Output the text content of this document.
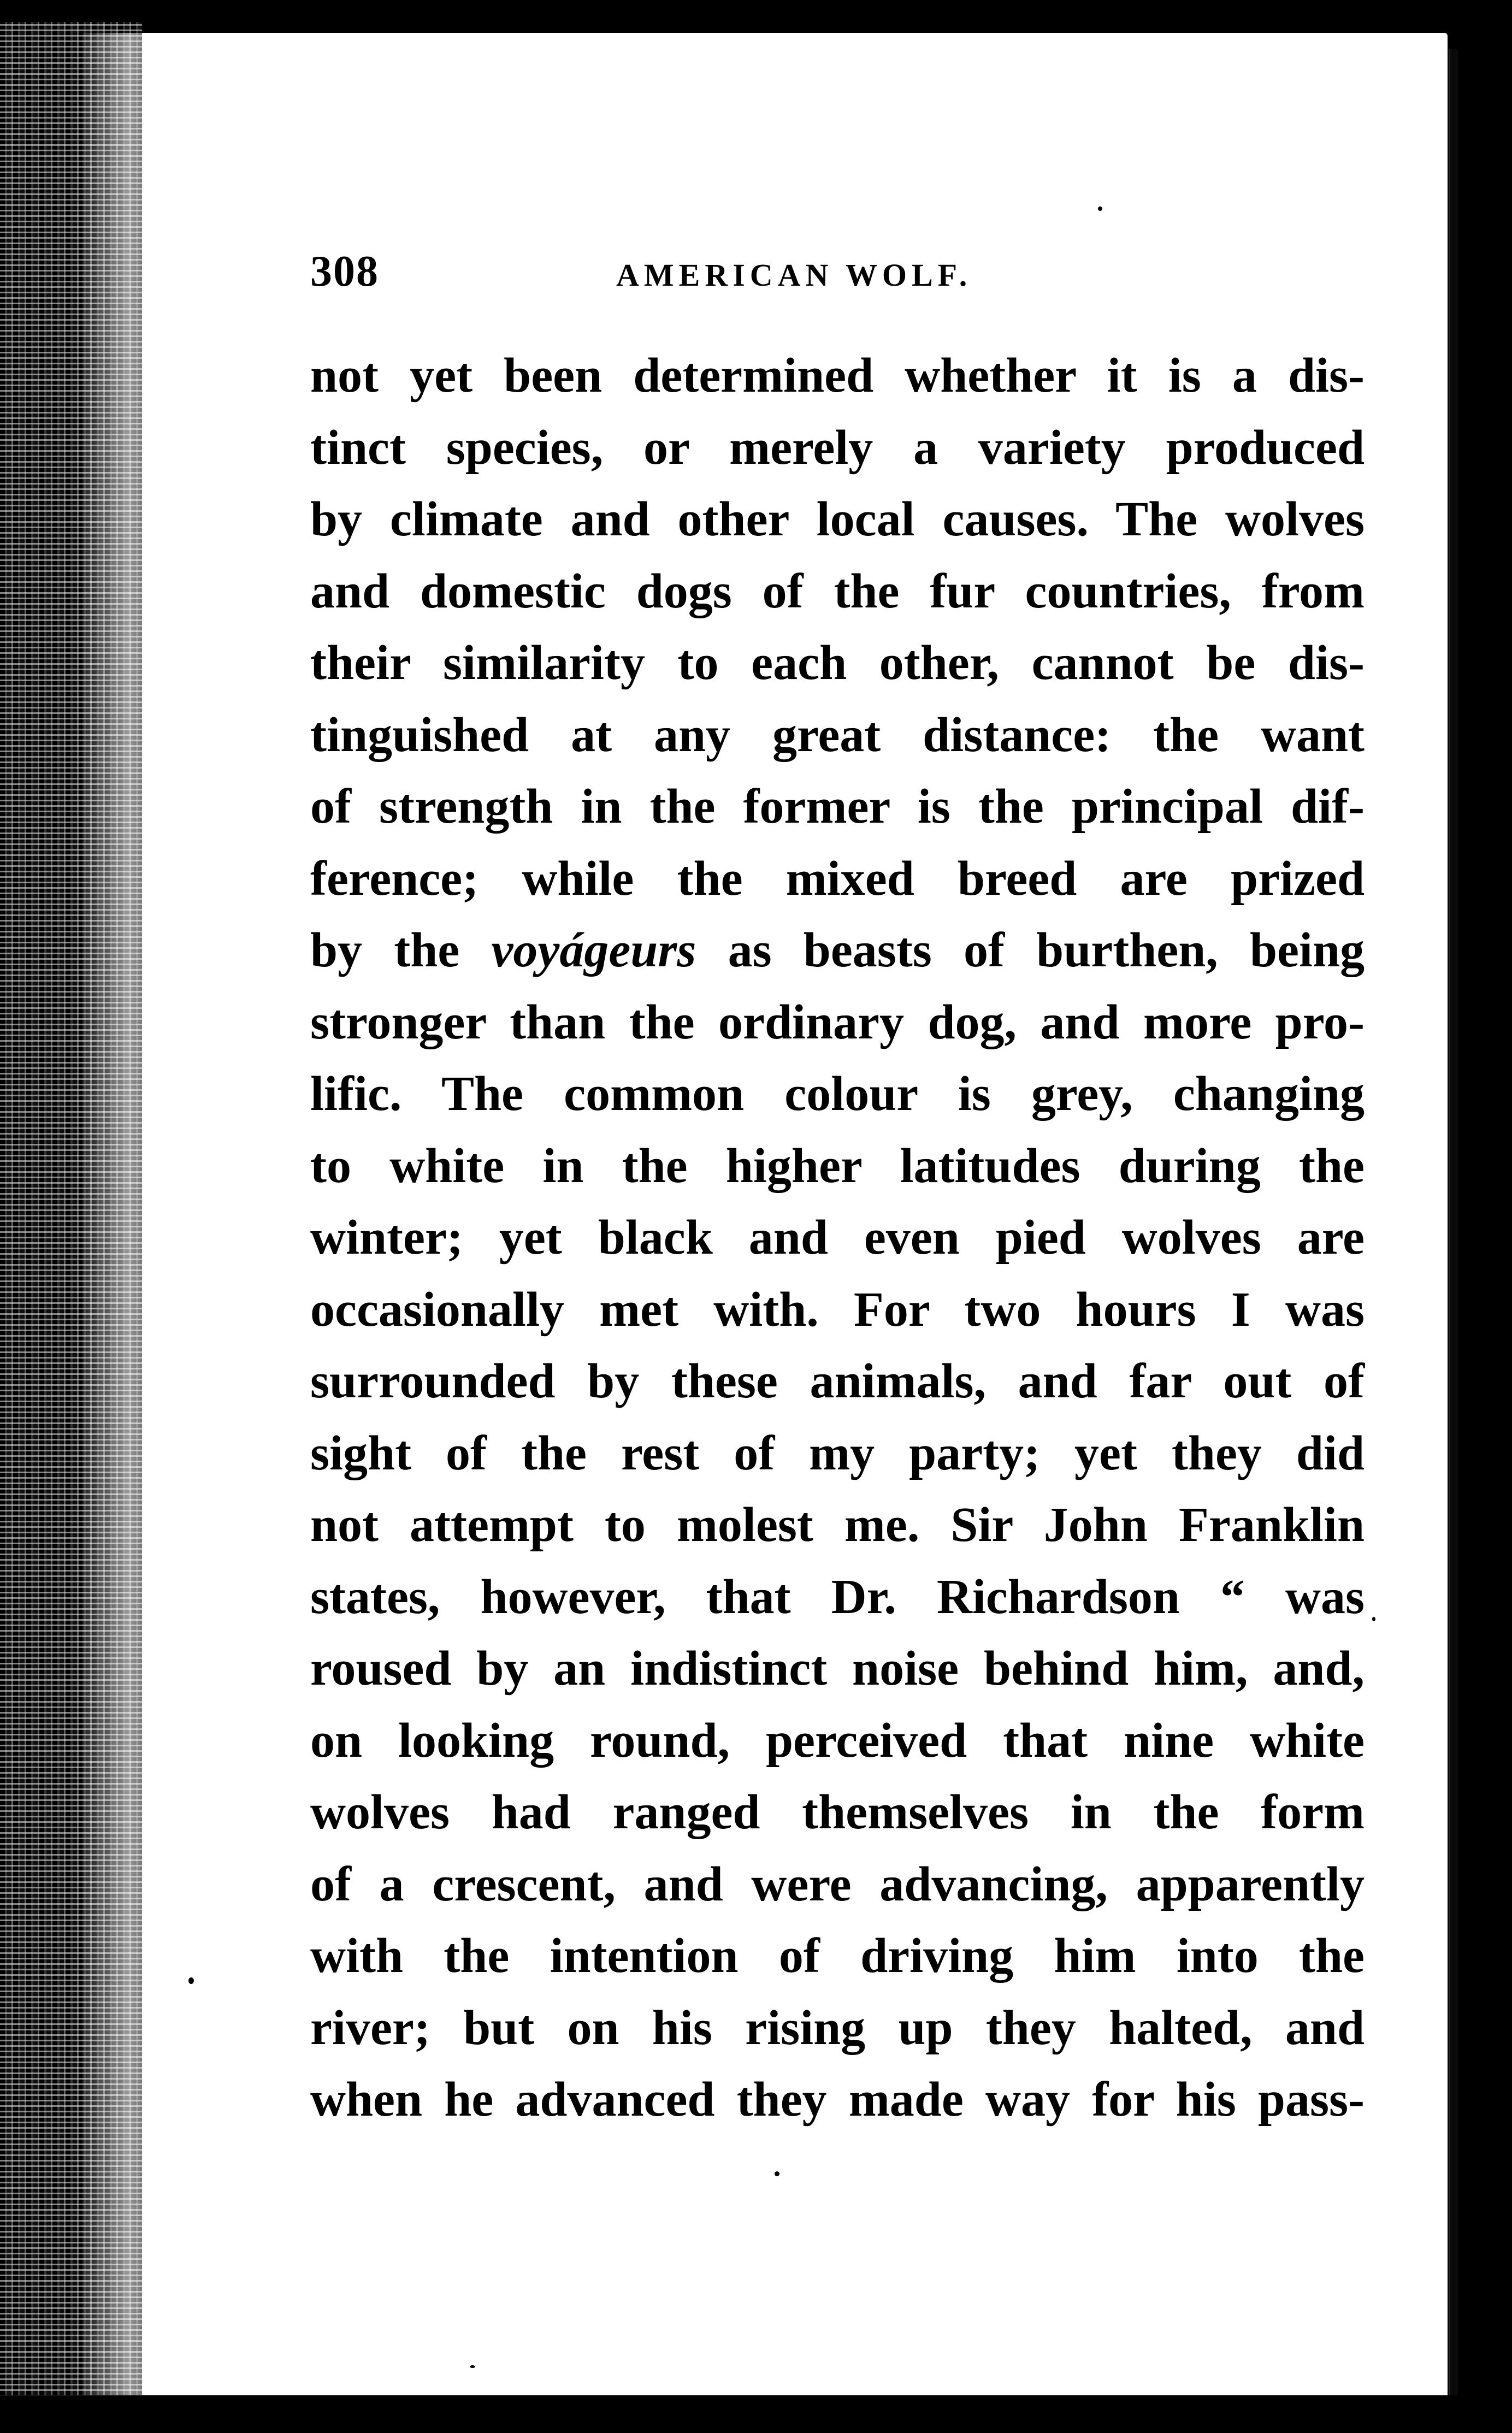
308	AMERICAN WOLF.
not yet been determined whether it is a dis-
tinct species, or merely a variety produced
by climate and other local causes. The wolves
and domestic dogs of the fur countries, from
their similarity to each other, cannot be dis-
tinguished at any great distance: the want
of strength in the former is the principal dif-
ference; while the mixed breed are prized
by the voyágeurs as beasts of burthen, being
stronger than the ordinary dog, and more pro-
lific. The common colour is grey, changing
to white in the higher latitudes during the
winter; yet black and even pied wolves are
occasionally met with. For two hours I was
surrounded by these animals, and far out of
sight of the rest of my party; yet they did
not attempt to molest me. Sir John Franklin
states, however, that Dr. Richardson “ was
roused by an indistinct noise behind him, and,
on looking round, perceived that nine white
wolves had ranged themselves in the form
of a crescent, and were advancing, apparently
with the intention of driving him into the
river; but on his rising up they halted, and
when he advanced they made way for his pass-
